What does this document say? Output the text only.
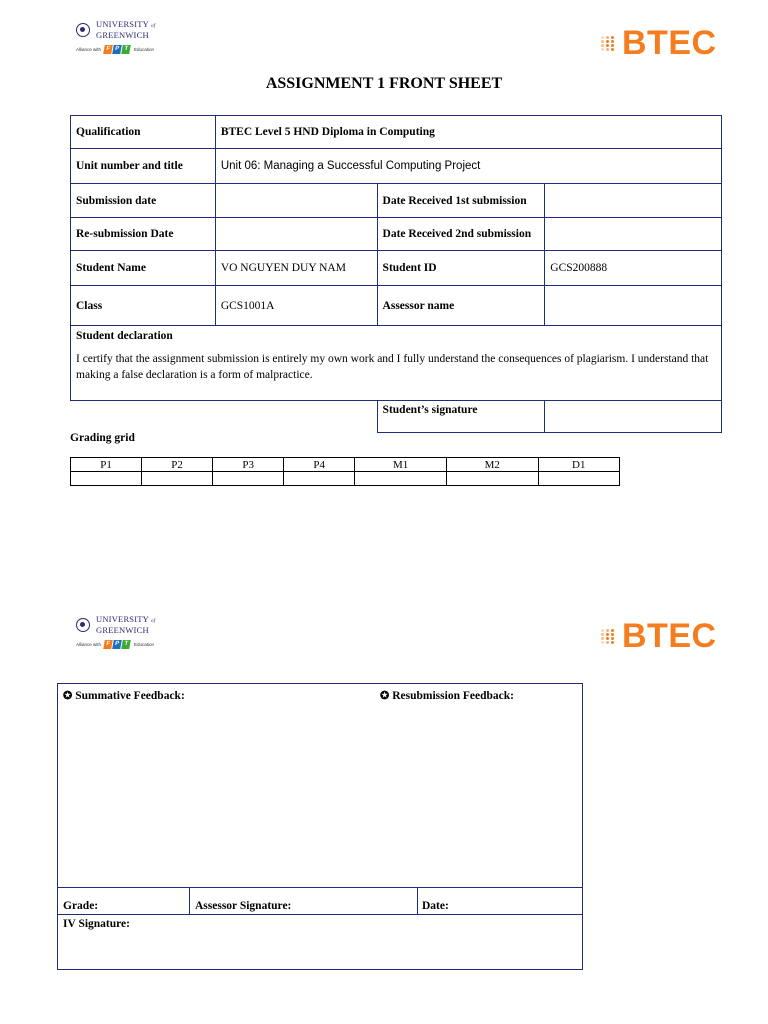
UNIVERSITY of
GREENWICH
Alliance with F P T	Education	BTEC
ASSIGNMENT 1 FRONT SHEET
Qualification	BTEC Level 5 HND Diploma in Computing		
Unit number and title	Unit 06: Managing a Successful Computing Project		
Submission date		Date Received 1st submission	
Re-submission Date		Date Received 2nd submission	
Student Name	VO NGUYEN DUY NAM	Student ID	GCS200888
Class	GCS1001A	Assessor name	

Student declaration
I certify that the assignment submission is entirely my own work and I fully understand the consequences of plagiarism. I understand that making a false declaration is a form of malpractice.			

		Student’s signature	
Grading grid
P1	P2	P3	P4	M1	M2	D1

UNIVERSITY of
GREENWICH
Alliance with F P T	Education	BTEC
✪ Summative Feedback:	✪ Resubmission Feedback:
Grade:	Assessor Signature:	Date:
IV Signature:
